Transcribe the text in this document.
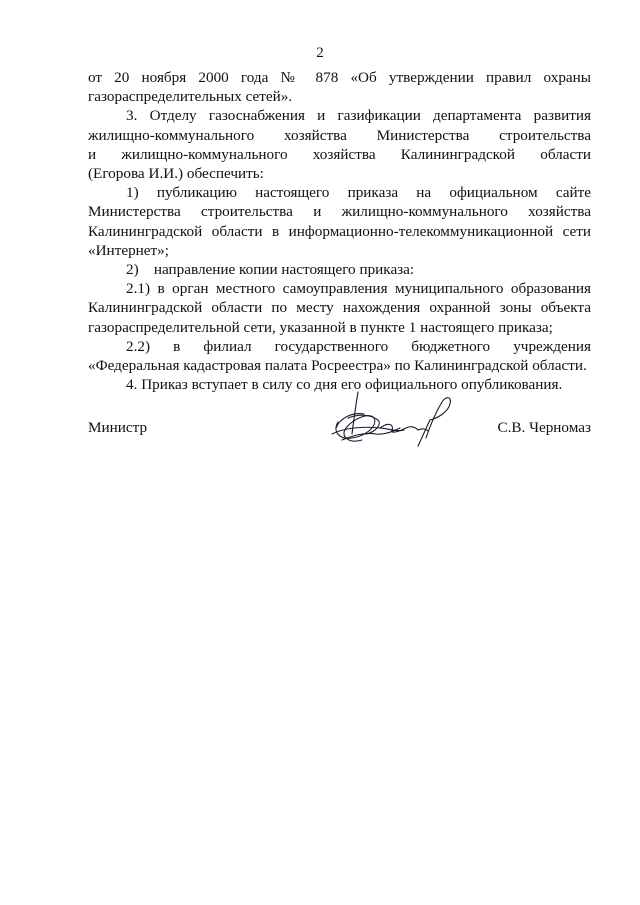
2
от 20 ноября 2000 года № 878 «Об утверждении правил охраны
газораспределительных сетей».
3. Отделу газоснабжения и газификации департамента развития
жилищно-коммунального хозяйства Министерства строительства
и жилищно-коммунального хозяйства Калининградской области
(Егорова И.И.) обеспечить:
1) публикацию настоящего приказа на официальном сайте
Министерства строительства и жилищно-коммунального хозяйства
Калининградской области в информационно-телекоммуникационной сети
«Интернет»;
2)    направление копии настоящего приказа:
2.1) в орган местного самоуправления муниципального образования
Калининградской области по месту нахождения охранной зоны объекта
газораспределительной сети, указанной в пункте 1 настоящего приказа;
2.2) в филиал государственного бюджетного учреждения
«Федеральная кадастровая палата Росреестра» по Калининградской области.
4. Приказ вступает в силу со дня его официального опубликования.
Министр	С.В. Черномаз
